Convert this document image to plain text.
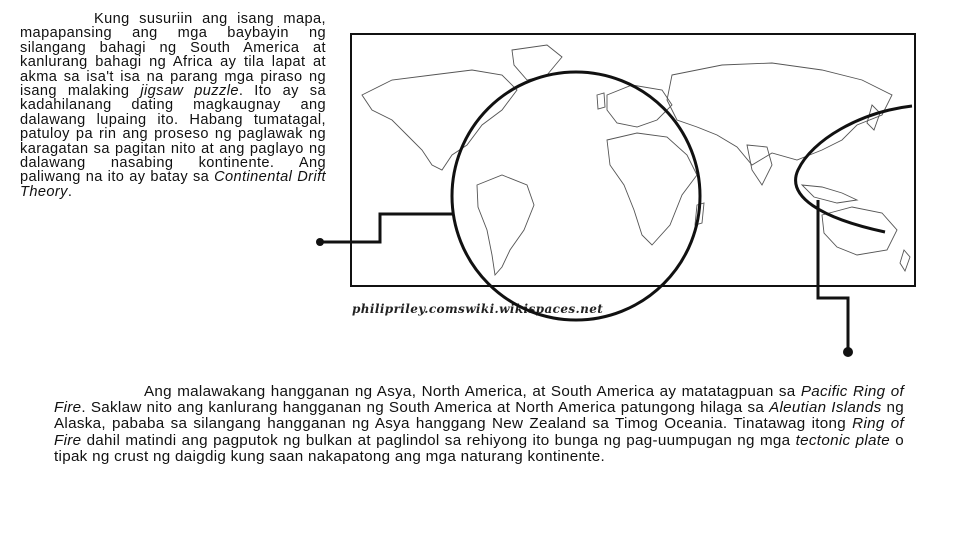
Kung susuriin ang isang mapa, mapapansing ang mga baybayin ng silangang bahagi ng South America at kanlurang bahagi ng Africa ay tila lapat at akma sa isa't isa na parang mga piraso ng isang malaking jigsaw puzzle. Ito ay sa kadahilanang dating magkaugnay ang dalawang lupaing ito. Habang tumatagal, patuloy pa rin ang proseso ng paglawak ng karagatan sa pagitan nito at ang paglayo ng dalawang nasabing kontinente. Ang paliwang na ito ay batay sa Continental Drift Theory.
philipriley.comswiki.wikispaces.net
Ang malawakang hangganan ng Asya, North America, at South America ay matatagpuan sa Pacific Ring of Fire. Saklaw nito ang kanlurang hangganan ng South America at North America patungong hilaga sa Aleutian Islands ng Alaska, pababa sa silangang hangganan ng Asya hanggang New Zealand sa Timog Oceania. Tinatawag itong Ring of Fire dahil matindi ang pagputok ng bulkan at paglindol sa rehiyong ito bunga ng pag-uumpugan ng mga tectonic plate o tipak ng crust ng daigdig kung saan nakapatong ang mga naturang kontinente.
